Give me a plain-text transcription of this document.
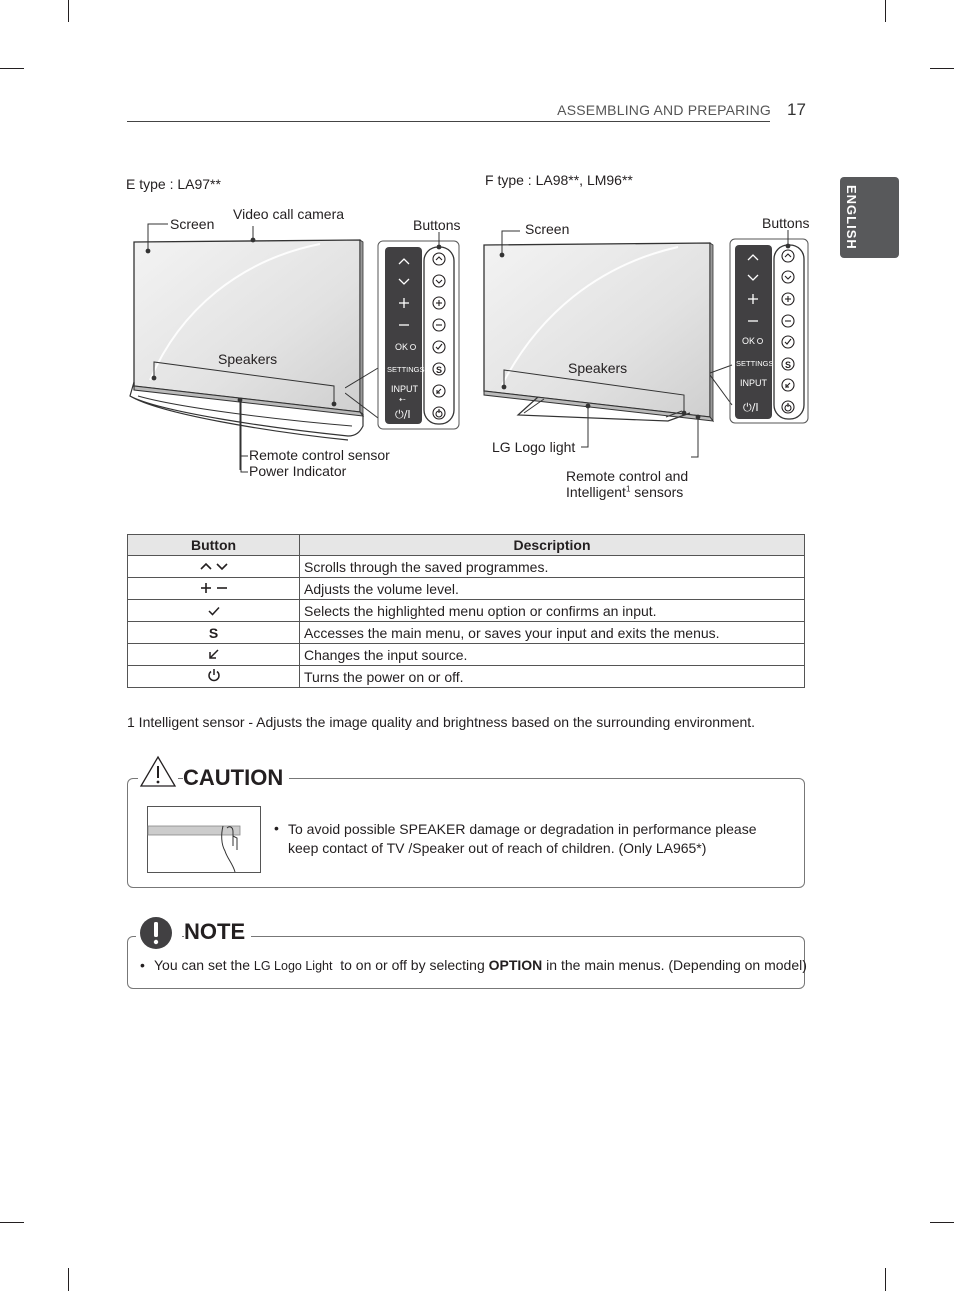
ASSEMBLING AND PREPARING 17
ENGLISH
E type : LA97**	F type : LA98**, LM96**
OK
SETTINGS
INPUT
⇠
⏻/I
S
Screen
Video call camera
Buttons
Speakers
Remote control sensor
Power Indicator
OK
SETTINGS
INPUT
⏻/I
S
Screen	Buttons
Speakers
LG Logo light
Remote control and
Intelligent$^1$ sensors
Button	Description
	Scrolls through the saved programmes.
	Adjusts the volume level.
	Selects the highlighted menu option or confirms an input.
S	Accesses the main menu, or saves your input and exits the menus.
	Changes the input source.
	Turns the power on or off.
1 Intelligent sensor - Adjusts the image quality and brightness based on the surrounding environment.
CAUTION
• To avoid possible SPEAKER damage or degradation in performance please keep contact of TV /Speaker out of reach of children. (Only LA965*)
NOTE
• You can set the LG Logo Light  to on or off by selecting OPTION in the main menus. (Depending on model)
